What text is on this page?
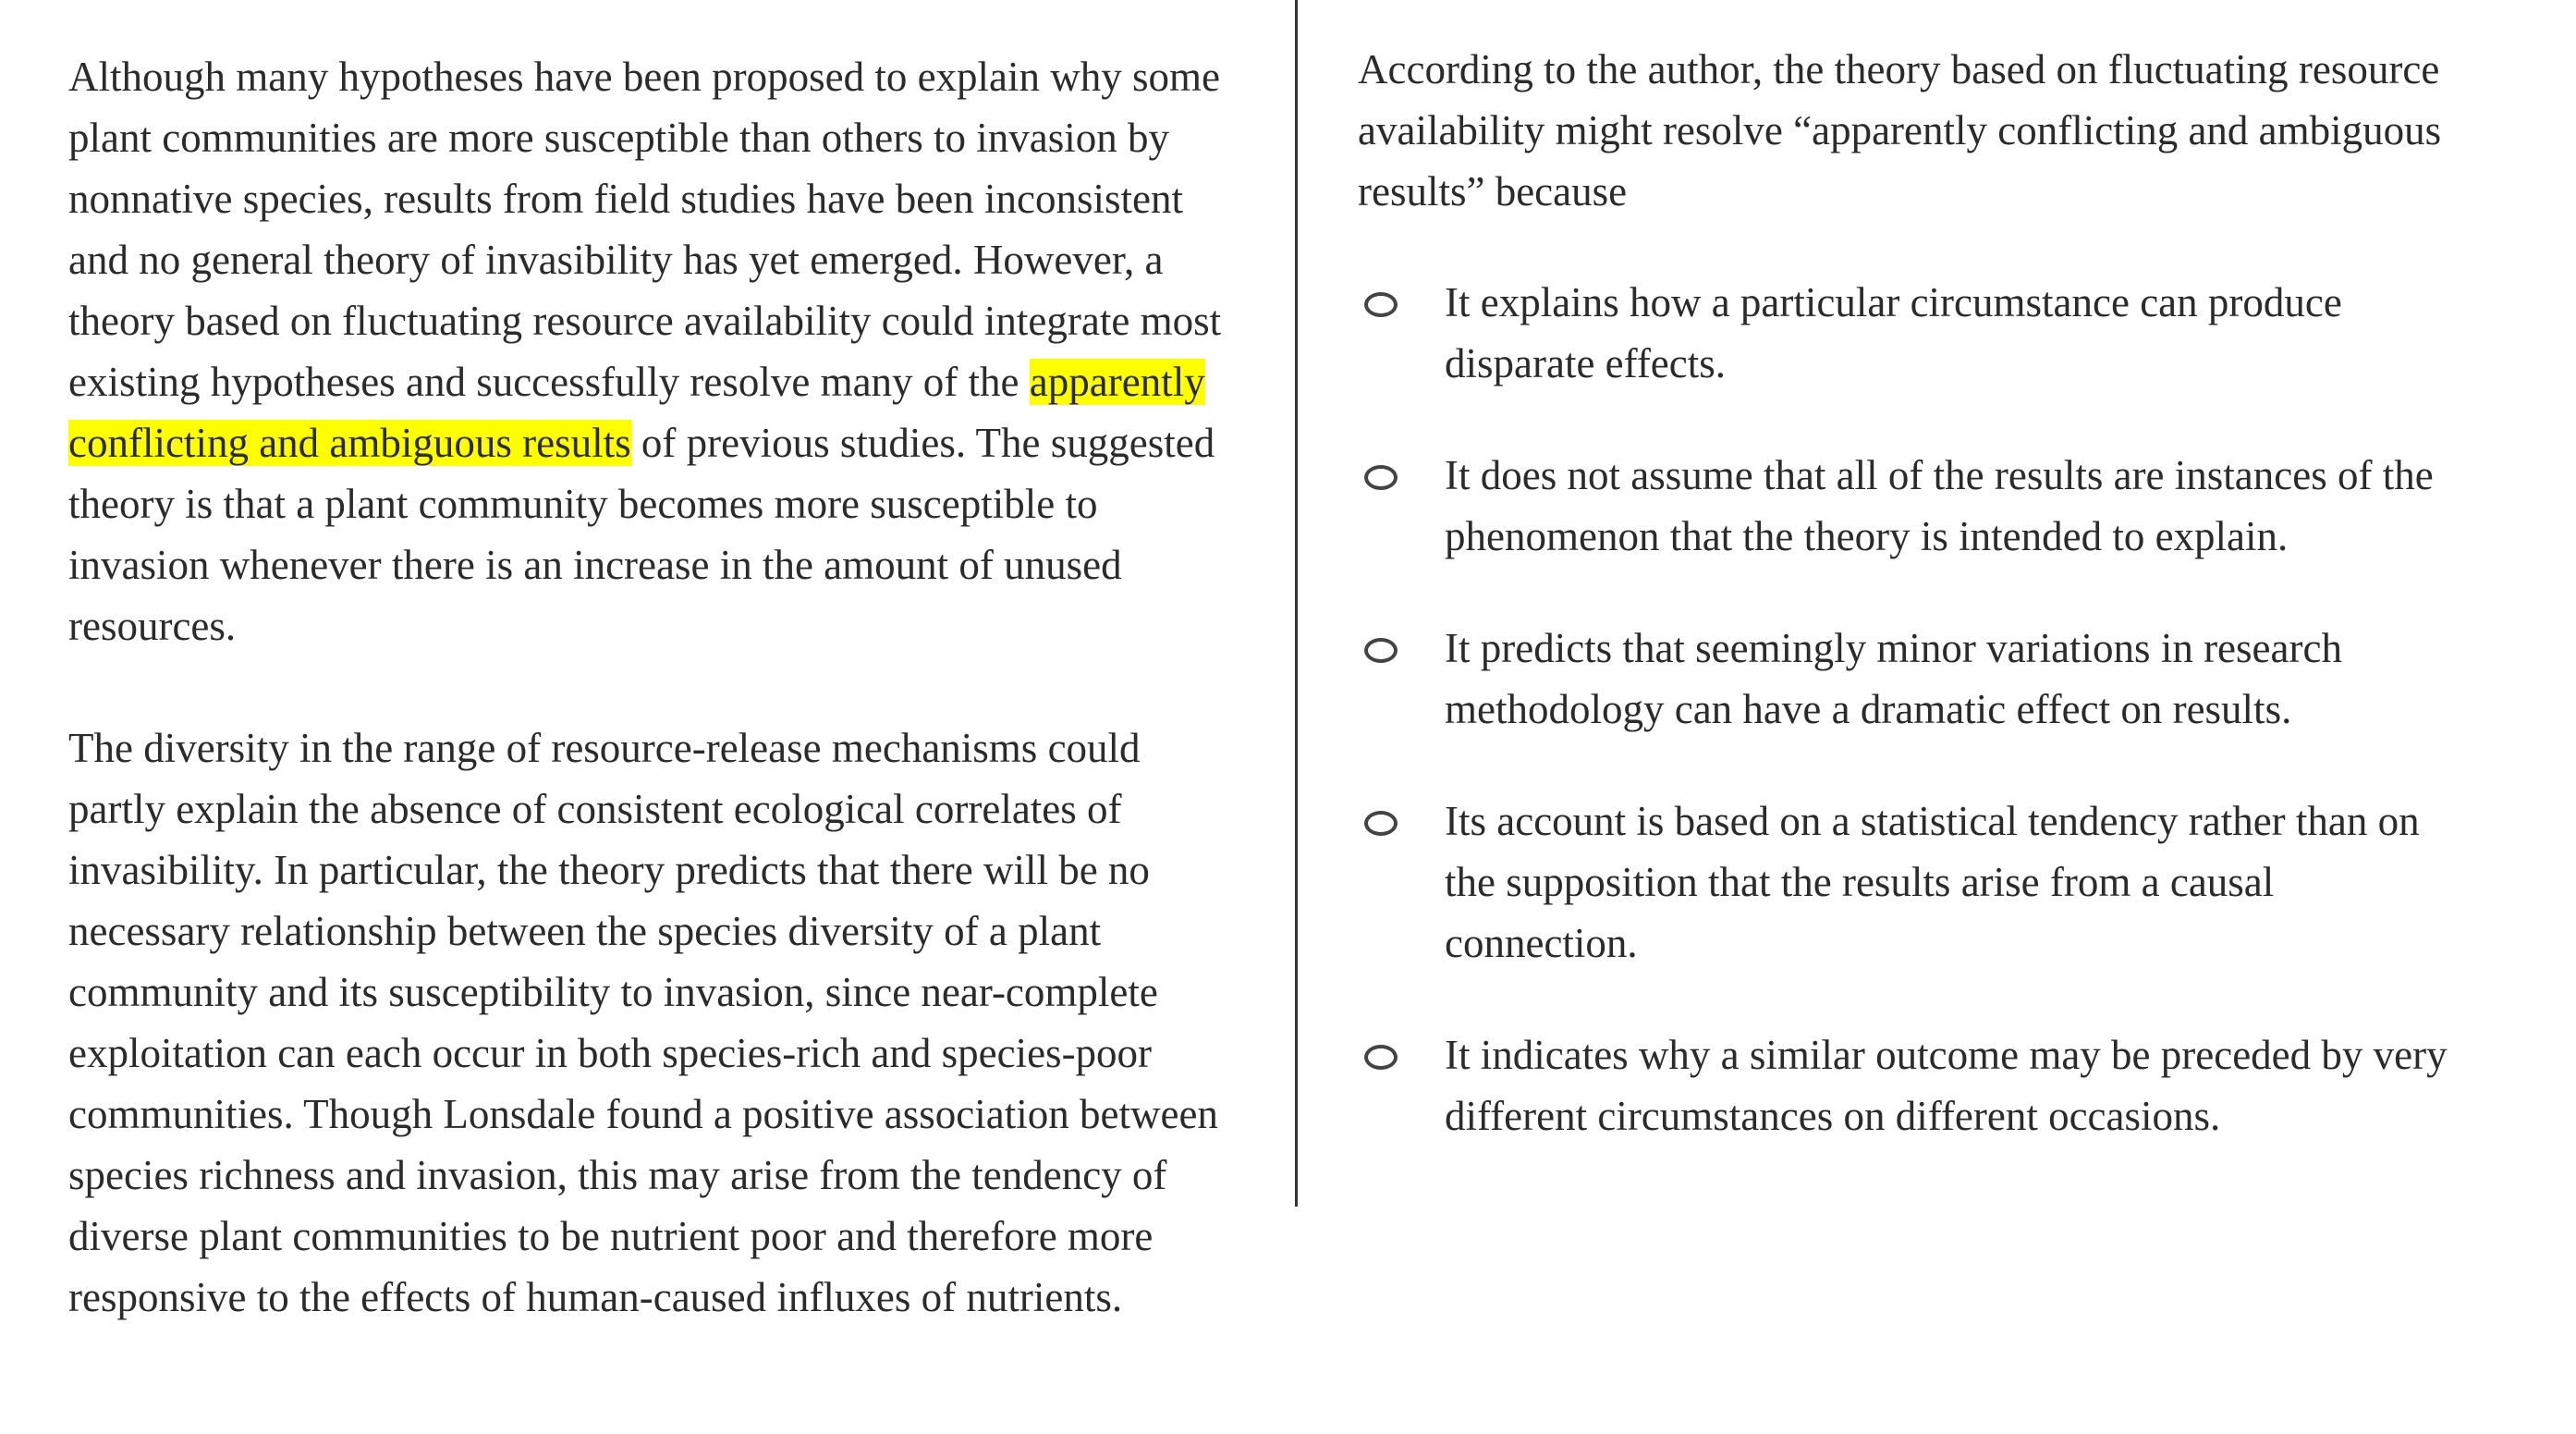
Although many hypotheses have been proposed to explain why some plant communities are more susceptible than others to invasion by nonnative species, results from field studies have been inconsistent and no general theory of invasibility has yet emerged. However, a theory based on fluctuating resource availability could integrate most existing hypotheses and successfully resolve many of the apparently conflicting and ambiguous results of previous studies. The suggested theory is that a plant community becomes more susceptible to invasion whenever there is an increase in the amount of unused resources.

The diversity in the range of resource-release mechanisms could partly explain the absence of consistent ecological correlates of invasibility. In particular, the theory predicts that there will be no necessary relationship between the species diversity of a plant community and its susceptibility to invasion, since near-complete exploitation can each occur in both species-rich and species-poor communities. Though Lonsdale found a positive association between species richness and invasion, this may arise from the tendency of diverse plant communities to be nutrient poor and therefore more responsive to the effects of human-caused influxes of nutrients.

According to the author, the theory based on fluctuating resource availability might resolve “apparently conflicting and ambiguous results” because

It explains how a particular circumstance can produce disparate effects.
It does not assume that all of the results are instances of the phenomenon that the theory is intended to explain.
It predicts that seemingly minor variations in research methodology can have a dramatic effect on results.
Its account is based on a statistical tendency rather than on the supposition that the results arise from a causal connection.
It indicates why a similar outcome may be preceded by very different circumstances on different occasions.
